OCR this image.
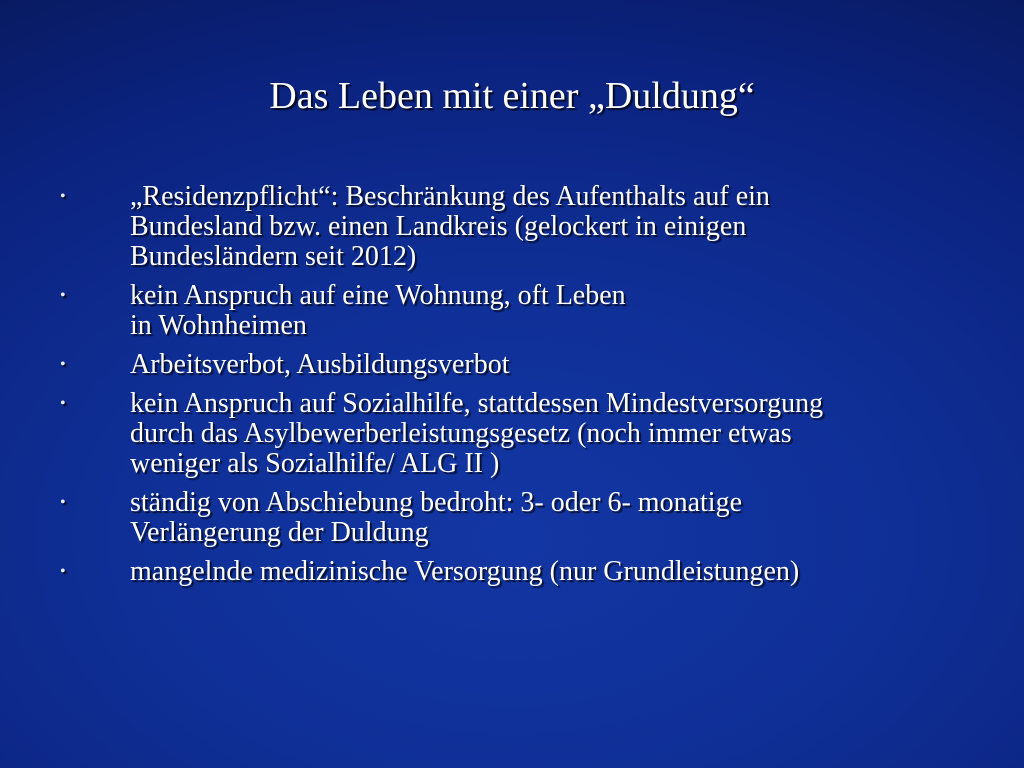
Das Leben mit einer „Duldung“
• „Residenzpflicht“: Beschränkung des Aufenthalts auf ein
Bundesland bzw. einen Landkreis (gelockert in einigen
Bundesländern seit 2012)
• kein Anspruch auf eine Wohnung, oft Leben
in Wohnheimen
• Arbeitsverbot, Ausbildungsverbot
• kein Anspruch auf Sozialhilfe, stattdessen Mindestversorgung
durch das Asylbewerberleistungsgesetz (noch immer etwas
weniger als Sozialhilfe/ ALG II )
• ständig von Abschiebung bedroht: 3- oder 6- monatige
Verlängerung der Duldung
• mangelnde medizinische Versorgung (nur Grundleistungen)
